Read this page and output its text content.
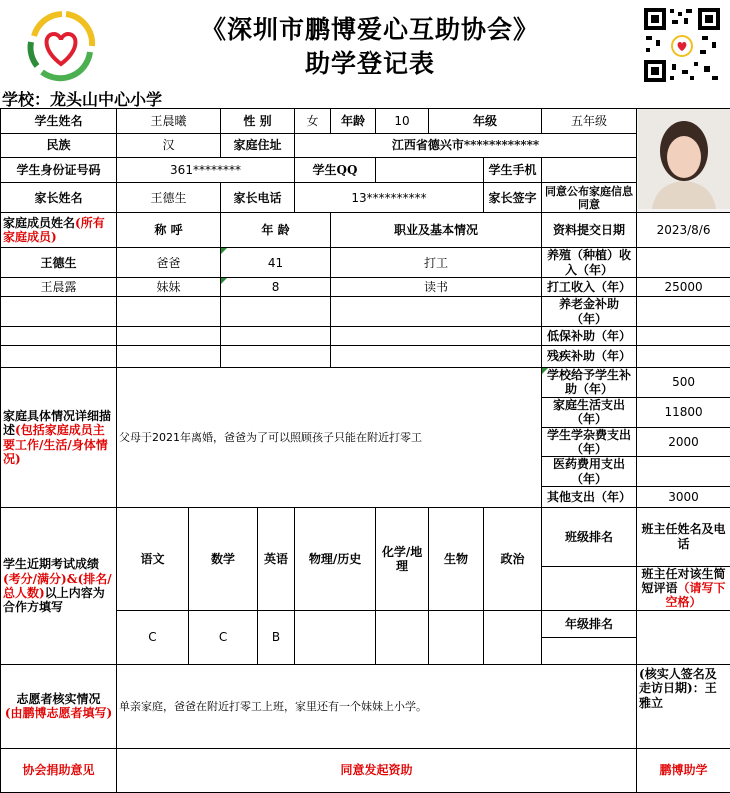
《深圳市鹏博爱心互助协会》
助学登记表
学校：龙头山中心小学
学生姓名	王晨曦		性 别		女	年龄	10	年级		五年级	
民族	汉		家庭住址		江西省德兴市************							
学生身份证号码	361********				学生QQ				学生手机			
家长姓名	王德生		家长电话		13**********				家长签字	同意公布家庭信息同意		
家庭成员姓名(所有家庭成员)	称 呼		年 龄			职业及基本情况				资料提交日期	2023/8/6	
王德生	爸爸		41			打工				养殖（种植）收入（年）		
王晨露	妹妹		8			读书				打工收入（年）	25000	
										养老金补助（年）		
										低保补助（年）		
										残疾补助（年）		
家庭具体情况详细描述(包括家庭成员主要工作/生活/身体情况)	父母于2021年离婚，爸爸为了可以照顾孩子只能在附近打零工									学校给予学生补助（年）	500	
										家庭生活支出（年）	11800	
										学生学杂费支出（年）	2000	
										医药费用支出（年）		
										其他支出（年）	3000	
学生近期考试成绩(考分/满分)&(排名/总人数)以上内容为合作方填写	语文	数学		英语	物理/历史		化学/地理	生物	政治	班级排名	班主任姓名及电话	
											班主任对该生简短评语（请写下空格）	
	C	C		B						年级排名		

志愿者核实情况
(由鹏博志愿者填写)	单亲家庭，爸爸在附近打零工上班，家里还有一个妹妹上小学。										(核实人签名及走访日期)：王雅立	
协会捐助意见	同意发起资助										鹏博助学	
